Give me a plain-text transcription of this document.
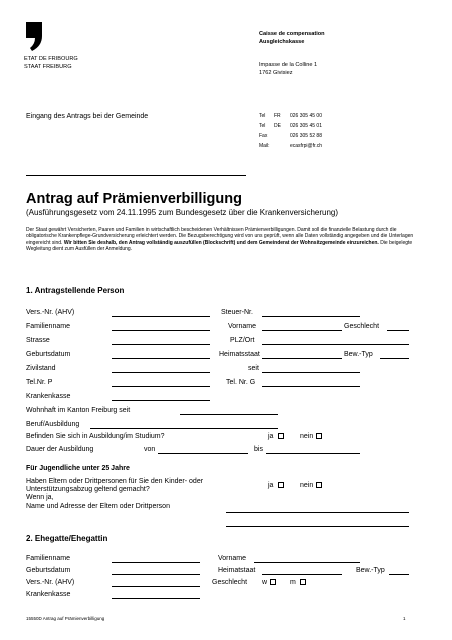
ETAT DE FRIBOURG
STAAT FREIBURG
Caisse de compensation
Ausgleichskasse
Impasse de la Colline 1
1762 Givisiez
Eingang des Antrags bei der Gemeinde	Tel FR 026 305 45 00
Tel DE 026 305 45 01
Fax	026 305 52 88
Mail:	ecasfrpi@fr.ch
Antrag auf Prämienverbilligung
(Ausführungsgesetz vom 24.11.1995 zum Bundesgesetz über die Krankenversicherung)
Der Staat gewährt Versicherten, Paaren und Familien in wirtschaftlich bescheidenen Verhältnissen Prämienverbilligungen. Damit soll die finanzielle Belastung durch die obligatorische Krankenpflege-Grundversicherung erleichtert werden. Die Bezugsberechtigung wird von uns geprüft, wenn alle Daten vollständig angegeben und die Unterlagen eingereicht sind. Wir bitten Sie deshalb, den Antrag vollständig auszufüllen (Blockschrift) und dem Gemeinderat der Wohnsitzgemeinde einzureichen. Die beigelegte Wegleitung dient zum Ausfüllen der Anmeldung.
1. Antragstellende Person
Vers.-Nr. (AHV)	Steuer-Nr.
Familienname	Vorname	Geschlecht
Strasse	PLZ/Ort
Geburtsdatum	Heimatsstaat	Bew.-Typ
Zivilstand	seit
Tel.Nr. P	Tel. Nr. G
Krankenkasse
Wohnhaft im Kanton Freiburg seit
Beruf/Ausbildung
Befinden Sie sich in Ausbildung/im Studium?	ja	nein
Dauer der Ausbildung	von	bis
Für Jugendliche unter 25 Jahre
Haben Eltern oder Drittpersonen für Sie den Kinder- oder
Unterstützungsabzug geltend gemacht?
ja	nein
Wenn ja,
Name und Adresse der Eltern oder Drittperson
2. Ehegatte/Ehegattin
Familienname	Vorname
Geburtsdatum	Heimatstaat	Bew.-Typ
Vers.-Nr. (AHV)	Geschlecht w	m
Krankenkasse
15550D Antrag auf Prämienverbilligung	1
